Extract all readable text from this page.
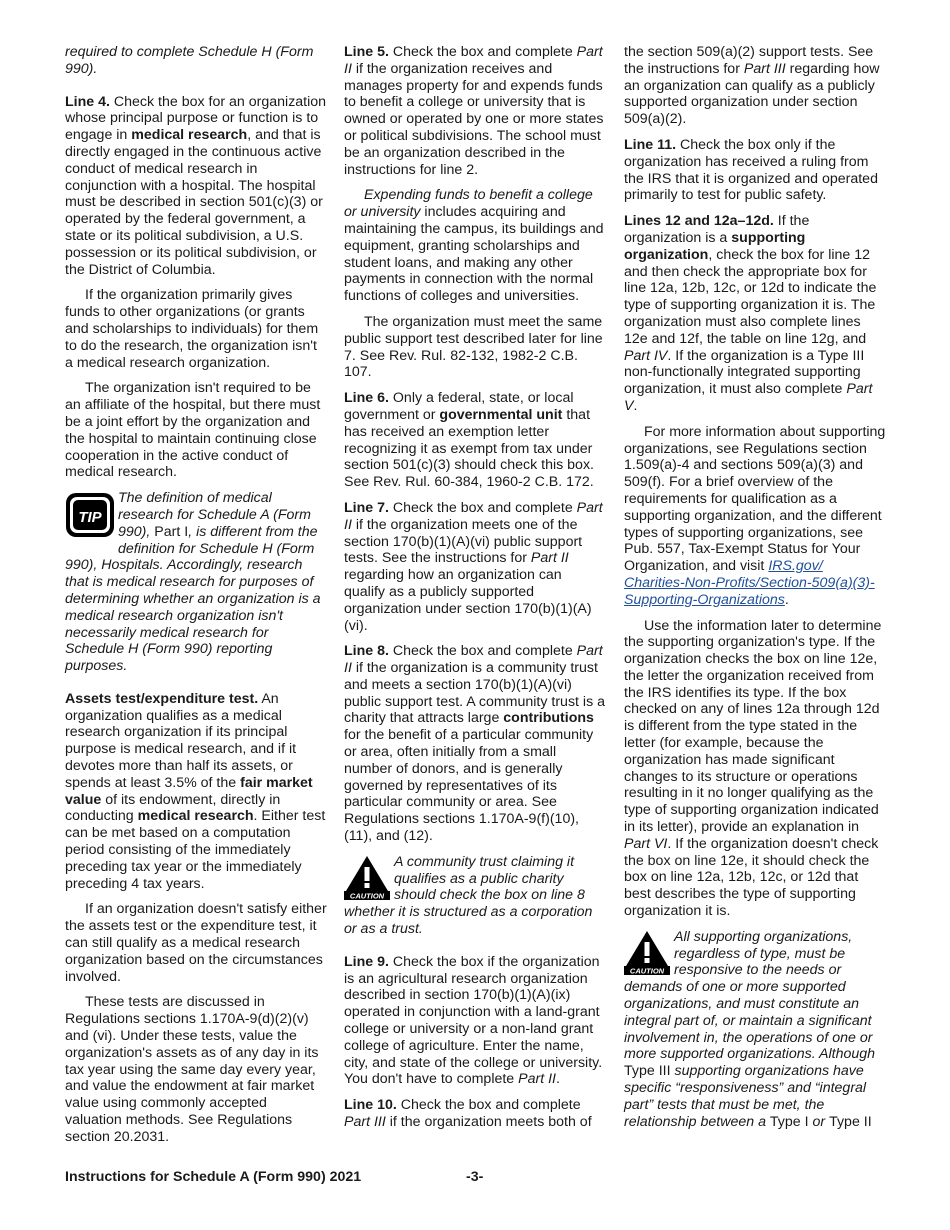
required to complete Schedule H (Form 990).

Line 4. Check the box for an organization whose principal purpose or function is to engage in medical research, and that is directly engaged in the continuous active conduct of medical research in conjunction with a hospital. The hospital must be described in section 501(c)(3) or operated by the federal government, a state or its political subdivision, a U.S. possession or its political subdivision, or the District of Columbia.

If the organization primarily gives funds to other organizations (or grants and scholarships to individuals) for them to do the research, the organization isn't a medical research organization.

The organization isn't required to be an affiliate of the hospital, but there must be a joint effort by the organization and the hospital to maintain continuing close cooperation in the active conduct of medical research.

TIP
The definition of medical research for Schedule A (Form 990), Part I, is different from the definition for Schedule H (Form 990), Hospitals. Accordingly, research that is medical research for purposes of determining whether an organization is a medical research organization isn't necessarily medical research for Schedule H (Form 990) reporting purposes.

Assets test/expenditure test. An organization qualifies as a medical research organization if its principal purpose is medical research, and if it devotes more than half its assets, or spends at least 3.5% of the fair market value of its endowment, directly in conducting medical research. Either test can be met based on a computation period consisting of the immediately preceding tax year or the immediately preceding 4 tax years.

If an organization doesn't satisfy either the assets test or the expenditure test, it can still qualify as a medical research organization based on the circumstances involved.

These tests are discussed in Regulations sections 1.170A-9(d)(2)(v) and (vi). Under these tests, value the organization's assets as of any day in its tax year using the same day every year, and value the endowment at fair market value using commonly accepted valuation methods. See Regulations section 20.2031.

Line 5. Check the box and complete Part II if the organization receives and manages property for and expends funds to benefit a college or university that is owned or operated by one or more states or political subdivisions. The school must be an organization described in the instructions for line 2.

Expending funds to benefit a college or university includes acquiring and maintaining the campus, its buildings and equipment, granting scholarships and student loans, and making any other payments in connection with the normal functions of colleges and universities.

The organization must meet the same public support test described later for line 7. See Rev. Rul. 82-132, 1982-2 C.B. 107.

Line 6. Only a federal, state, or local government or governmental unit that has received an exemption letter recognizing it as exempt from tax under section 501(c)(3) should check this box. See Rev. Rul. 60-384, 1960-2 C.B. 172.

Line 7. Check the box and complete Part II if the organization meets one of the section 170(b)(1)(A)(vi) public support tests. See the instructions for Part II regarding how an organization can qualify as a publicly supported organization under section 170(b)(1)(A)(vi).

Line 8. Check the box and complete Part II if the organization is a community trust and meets a section 170(b)(1)(A)(vi) public support test. A community trust is a charity that attracts large contributions for the benefit of a particular community or area, often initially from a small number of donors, and is generally governed by representatives of its particular community or area. See Regulations sections 1.170A-9(f)(10), (11), and (12).

CAUTION
A community trust claiming it qualifies as a public charity should check the box on line 8 whether it is structured as a corporation or as a trust.

Line 9. Check the box if the organization is an agricultural research organization described in section 170(b)(1)(A)(ix) operated in conjunction with a land-grant college or university or a non-land grant college of agriculture. Enter the name, city, and state of the college or university. You don't have to complete Part II.

Line 10. Check the box and complete Part III if the organization meets both of

the section 509(a)(2) support tests. See the instructions for Part III regarding how an organization can qualify as a publicly supported organization under section 509(a)(2).

Line 11. Check the box only if the organization has received a ruling from the IRS that it is organized and operated primarily to test for public safety.

Lines 12 and 12a–12d. If the organization is a supporting organization, check the box for line 12 and then check the appropriate box for line 12a, 12b, 12c, or 12d to indicate the type of supporting organization it is. The organization must also complete lines 12e and 12f, the table on line 12g, and Part IV. If the organization is a Type III non-functionally integrated supporting organization, it must also complete Part V.

For more information about supporting organizations, see Regulations section 1.509(a)-4 and sections 509(a)(3) and 509(f). For a brief overview of the requirements for qualification as a supporting organization, and the different types of supporting organizations, see Pub. 557, Tax-Exempt Status for Your Organization, and visit IRS.gov/
Charities-Non-Profits/Section-509(a)(3)-
Supporting-Organizations.

Use the information later to determine the supporting organization's type. If the organization checks the box on line 12e, the letter the organization received from the IRS identifies its type. If the box checked on any of lines 12a through 12d is different from the type stated in the letter (for example, because the organization has made significant changes to its structure or operations resulting in it no longer qualifying as the type of supporting organization indicated in its letter), provide an explanation in Part VI. If the organization doesn't check the box on line 12e, it should check the box on line 12a, 12b, 12c, or 12d that best describes the type of supporting organization it is.

CAUTION
All supporting organizations, regardless of type, must be responsive to the needs or demands of one or more supported organizations, and must constitute an integral part of, or maintain a significant involvement in, the operations of one or more supported organizations. Although Type III supporting organizations have specific “responsiveness” and “integral part” tests that must be met, the relationship between a Type I or Type II
Instructions for Schedule A (Form 990) 2021	-3-
